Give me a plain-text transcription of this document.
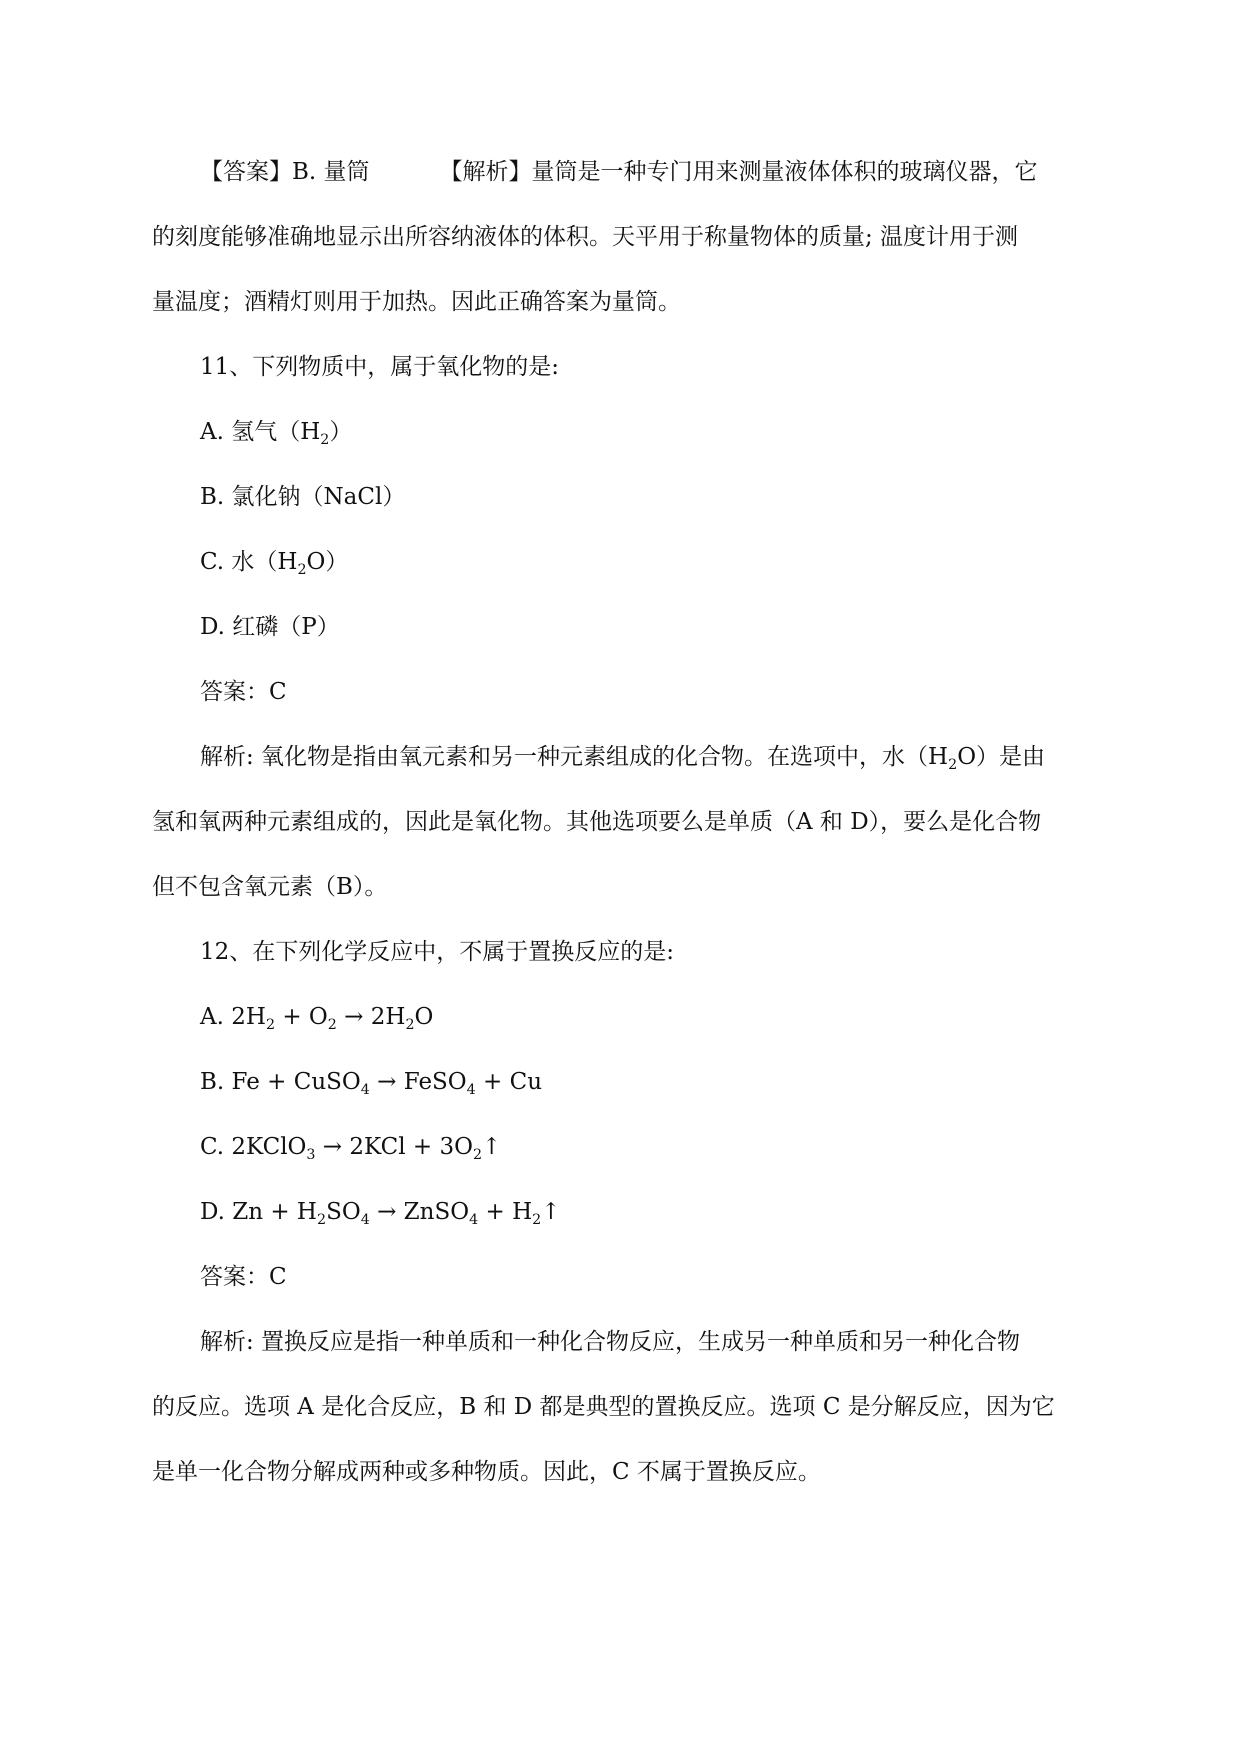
【答案】B. 量筒	【解析】量筒是一种专门用来测量液体体积的玻璃仪器，它
的刻度能够准确地显示出所容纳液体的体积。天平用于称量物体的质量; 温度计用于测
量温度；酒精灯则用于加热。因此正确答案为量筒。
11、下列物质中，属于氧化物的是:
A. 氢气$(H_2)$
B. 氯化钠（NaCl）
C. 水$(H_2O)$
D. 红磷（P）
答案：C
解析: 氧化物是指由氧元素和另一种元素组成的化合物。在选项中，水$(H_2O)$是由
氢和氧两种元素组成的，因此是氧化物。其他选项要么是单质（A 和 D），要么是化合物
但不包含氧元素（B）。
12、在下列化学反应中，不属于置换反应的是:
A. $2H_2 + O_2 \to 2H_2O$
B. Fe + CuSO$_4$ → FeSO$_4$ + Cu
C. 2KClO$_3$ → $2KCl + 3O_2↑$
D. $Zn + H_2SO_4$ → ZnSO$_4$ + $H_2↑$
答案：C
解析: 置换反应是指一种单质和一种化合物反应，生成另一种单质和另一种化合物
的反应。选项 A 是化合反应，B 和 D 都是典型的置换反应。选项 C 是分解反应，因为它
是单一化合物分解成两种或多种物质。因此，C 不属于置换反应。
